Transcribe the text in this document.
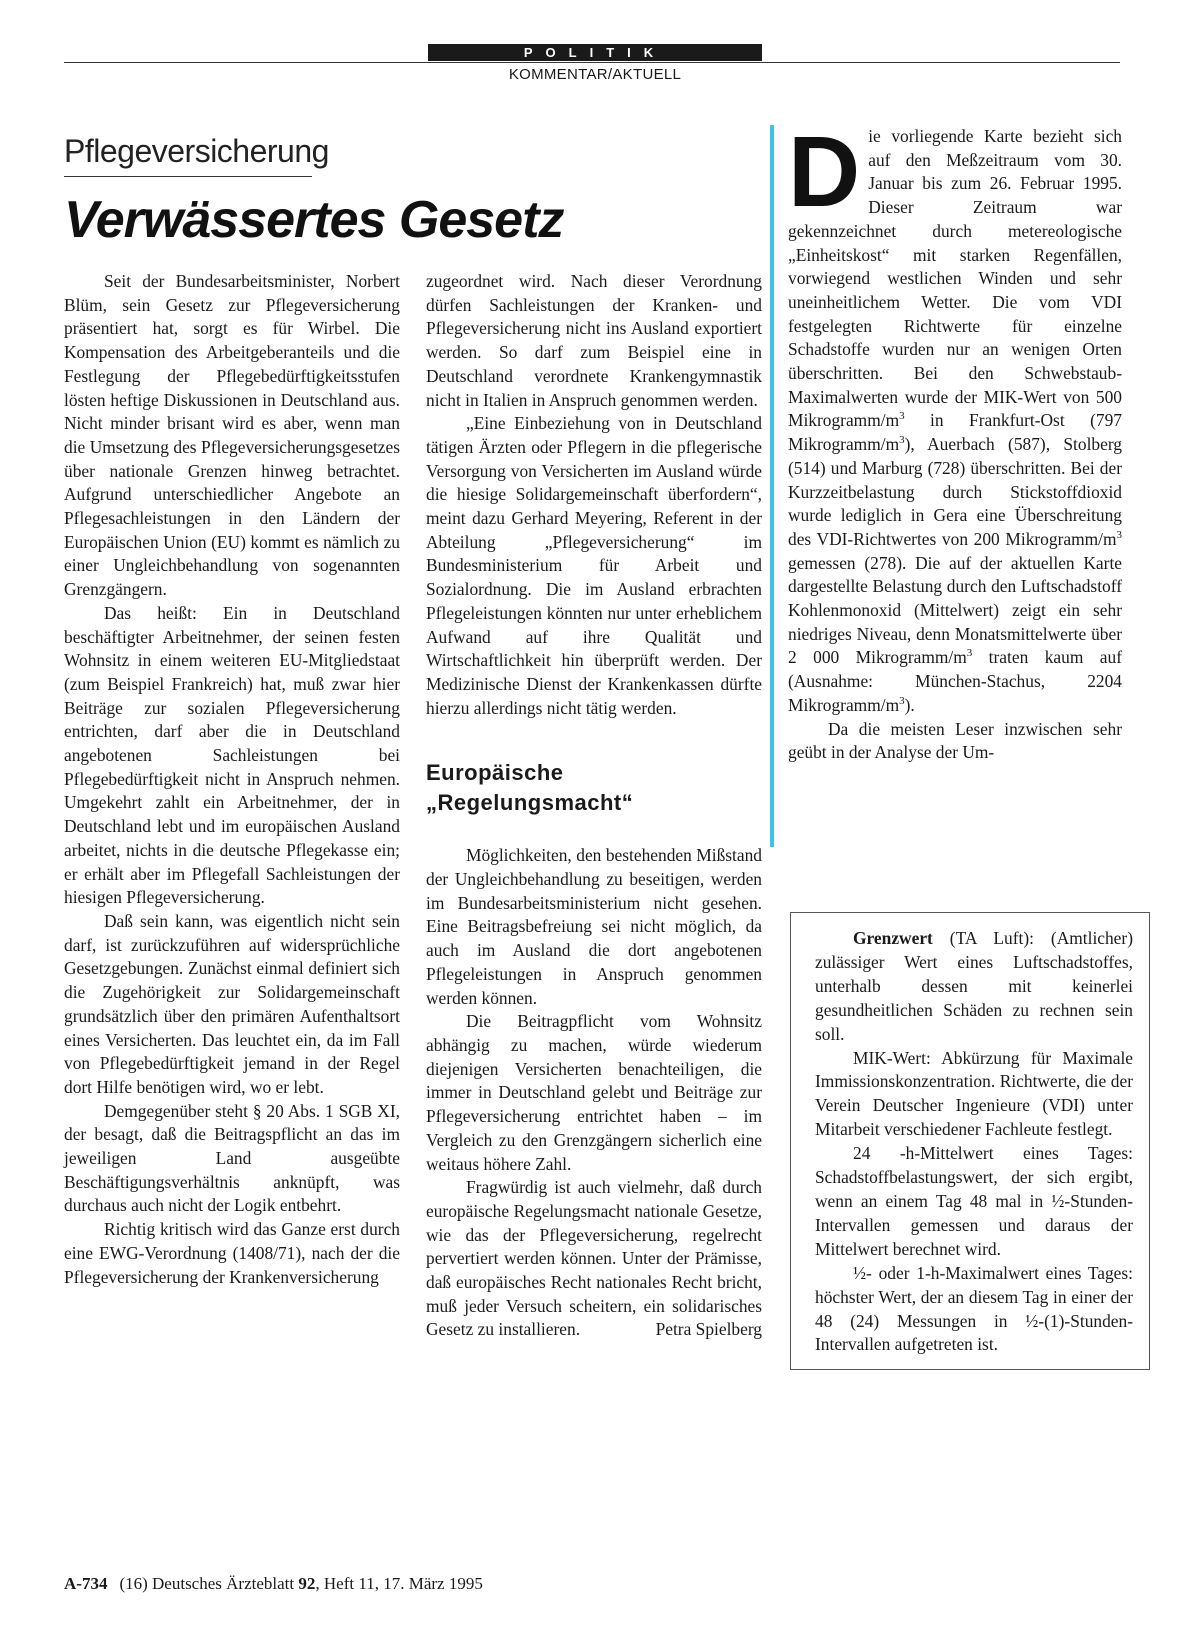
POLITIK
KOMMENTAR/AKTUELL
Pflegeversicherung
Verwässertes Gesetz

Seit der Bundesarbeitsminister, Norbert Blüm, sein Gesetz zur Pflegeversicherung präsentiert hat, sorgt es für Wirbel. Die Kompensation des Arbeitgeberanteils und die Festlegung der Pflegebedürftigkeitsstufen lösten heftige Diskussionen in Deutschland aus. Nicht minder brisant wird es aber, wenn man die Umsetzung des Pflegeversicherungsgesetzes über nationale Grenzen hinweg betrachtet. Aufgrund unterschiedlicher Angebote an Pflegesachleistungen in den Ländern der Europäischen Union (EU) kommt es nämlich zu einer Ungleichbehandlung von sogenannten Grenzgängern.

Das heißt: Ein in Deutschland beschäftigter Arbeitnehmer, der seinen festen Wohnsitz in einem weiteren EU-Mitgliedstaat (zum Beispiel Frankreich) hat, muß zwar hier Beiträge zur sozialen Pflegeversicherung entrichten, darf aber die in Deutschland angebotenen Sachleistungen bei Pflegebedürftigkeit nicht in Anspruch nehmen. Umgekehrt zahlt ein Arbeitnehmer, der in Deutschland lebt und im europäischen Ausland arbeitet, nichts in die deutsche Pflegekasse ein; er erhält aber im Pflegefall Sachleistungen der hiesigen Pflegeversicherung.

Daß sein kann, was eigentlich nicht sein darf, ist zurückzuführen auf widersprüchliche Gesetzgebungen. Zunächst einmal definiert sich die Zugehörigkeit zur Solidargemeinschaft grundsätzlich über den primären Aufenthaltsort eines Versicherten. Das leuchtet ein, da im Fall von Pflegebedürftigkeit jemand in der Regel dort Hilfe benötigen wird, wo er lebt.

Demgegenüber steht § 20 Abs. 1 SGB XI, der besagt, daß die Beitragspflicht an das im jeweiligen Land ausgeübte Beschäftigungsverhältnis anknüpft, was durchaus auch nicht der Logik entbehrt.

Richtig kritisch wird das Ganze erst durch eine EWG-Verordnung (1408/71), nach der die Pflegeversicherung der Krankenversicherung

zugeordnet wird. Nach dieser Verordnung dürfen Sachleistungen der Kranken- und Pflegeversicherung nicht ins Ausland exportiert werden. So darf zum Beispiel eine in Deutschland verordnete Krankengymnastik nicht in Italien in Anspruch genommen werden.

„Eine Einbeziehung von in Deutschland tätigen Ärzten oder Pflegern in die pflegerische Versorgung von Versicherten im Ausland würde die hiesige Solidargemeinschaft überfordern“, meint dazu Gerhard Meyering, Referent in der Abteilung „Pflegeversicherung“ im Bundesministerium für Arbeit und Sozialordnung. Die im Ausland erbrachten Pflegeleistungen könnten nur unter erheblichem Aufwand auf ihre Qualität und Wirtschaftlichkeit hin überprüft werden. Der Medizinische Dienst der Krankenkassen dürfte hierzu allerdings nicht tätig werden.

Europäische
„Regelungsmacht“

Möglichkeiten, den bestehenden Mißstand der Ungleichbehandlung zu beseitigen, werden im Bundesarbeitsministerium nicht gesehen. Eine Beitragsbefreiung sei nicht möglich, da auch im Ausland die dort angebotenen Pflegeleistungen in Anspruch genommen werden können.

Die Beitragpflicht vom Wohnsitz abhängig zu machen, würde wiederum diejenigen Versicherten benachteiligen, die immer in Deutschland gelebt und Beiträge zur Pflegeversicherung entrichtet haben – im Vergleich zu den Grenzgängern sicherlich eine weitaus höhere Zahl.

Fragwürdig ist auch vielmehr, daß durch europäische Regelungsmacht nationale Gesetze, wie das der Pflegeversicherung, regelrecht pervertiert werden können. Unter der Prämisse, daß europäisches Recht nationales Recht bricht, muß jeder Versuch scheitern, ein solidarisches Gesetz zu installieren.	Petra Spielberg

Die vorliegende Karte bezieht sich auf den Meßzeitraum vom 30. Januar bis zum 26. Februar 1995. Dieser Zeitraum war gekennzeichnet durch metereologische „Einheitskost“ mit starken Regenfällen, vorwiegend westlichen Winden und sehr uneinheitlichem Wetter. Die vom VDI festgelegten Richtwerte für einzelne Schadstoffe wurden nur an wenigen Orten überschritten. Bei den Schwebstaub-Maximalwerten wurde der MIK-Wert von 500 Mikrogramm/$m^3$ in Frankfurt-Ost (797 Mikrogramm/$m^3$), Auerbach (587), Stolberg (514) und Marburg (728) überschritten. Bei der Kurzzeitbelastung durch Stickstoffdioxid wurde lediglich in Gera eine Überschreitung des VDI-Richtwertes von 200 Mikrogramm/$m^3$ gemessen (278). Die auf der aktuellen Karte dargestellte Belastung durch den Luftschadstoff Kohlenmonoxid (Mittelwert) zeigt ein sehr niedriges Niveau, denn Monatsmittelwerte über 2 000 Mikrogramm/$m^3$ traten kaum auf (Ausnahme: München-Stachus, 2204 Mikrogramm/$m^3$).

Da die meisten Leser inzwischen sehr geübt in der Analyse der Um-

Grenzwert (TA Luft): (Amtlicher) zulässiger Wert eines Luftschadstoffes, unterhalb dessen mit keinerlei gesundheitlichen Schäden zu rechnen sein soll.

MIK-Wert: Abkürzung für Maximale Immissionskonzentration. Richtwerte, die der Verein Deutscher Ingenieure (VDI) unter Mitarbeit verschiedener Fachleute festlegt.

24 -h-Mittelwert eines Tages: Schadstoffbelastungswert, der sich ergibt, wenn an einem Tag 48 mal in ½-Stunden-Intervallen gemessen und daraus der Mittelwert berechnet wird.

½- oder 1-h-Maximalwert eines Tages: höchster Wert, der an diesem Tag in einer der 48 (24) Messungen in ½-(1)-Stunden-Intervallen aufgetreten ist.

A-734 (16) Deutsches Ärzteblatt 92, Heft 11, 17. März 1995
